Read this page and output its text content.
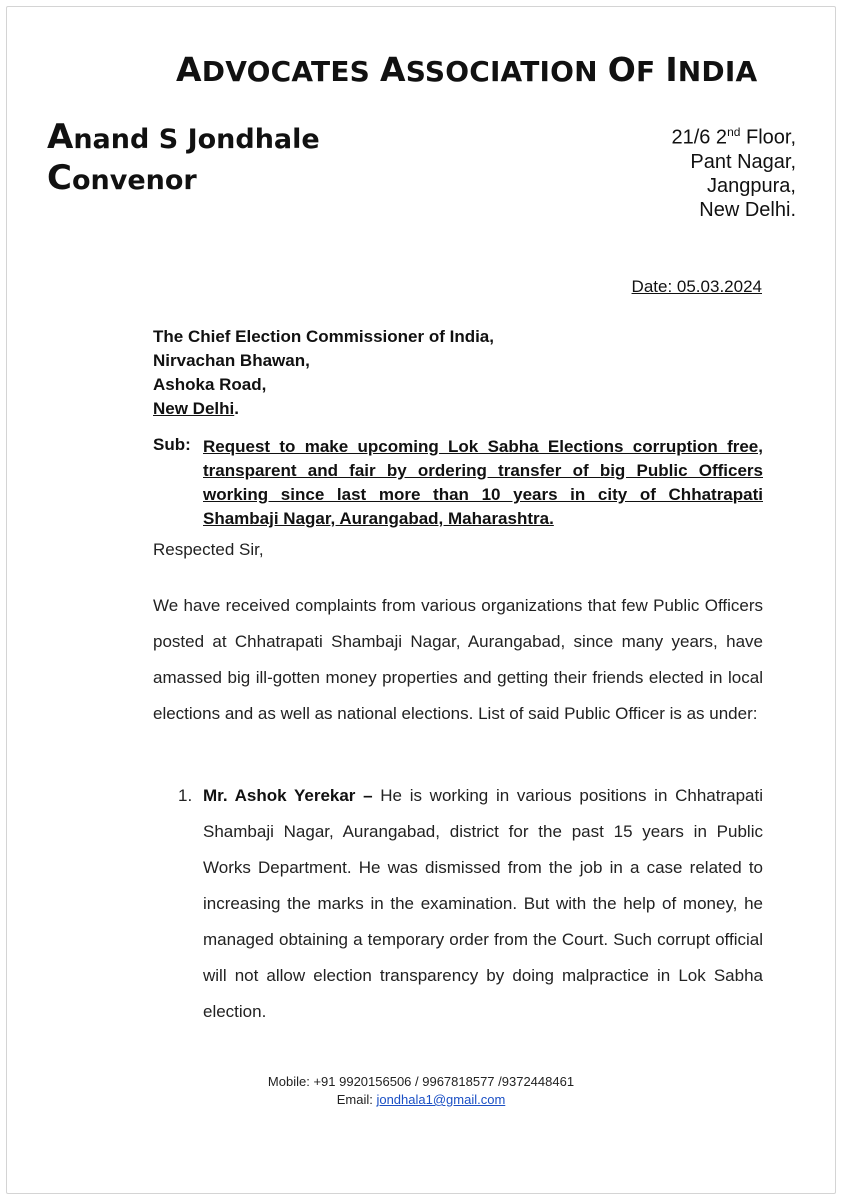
ADVOCATES ASSOCIATION OF INDIA
Anand S Jondhale
Convenor
21/6 2nd Floor,
Pant Nagar,
Jangpura,
New Delhi.
Date: 05.03.2024
The Chief Election Commissioner of India,
Nirvachan Bhawan,
Ashoka Road,
New Delhi.
Sub: Request to make upcoming Lok Sabha Elections corruption free, transparent and fair by ordering transfer of big Public Officers working since last more than 10 years in city of Chhatrapati Shambaji Nagar, Aurangabad, Maharashtra.
Respected Sir,
We have received complaints from various organizations that few Public Officers posted at Chhatrapati Shambaji Nagar, Aurangabad, since many years, have amassed big ill-gotten money properties and getting their friends elected in local elections and as well as national elections. List of said Public Officer is as under:
1. Mr. Ashok Yerekar – He is working in various positions in Chhatrapati Shambaji Nagar, Aurangabad, district for the past 15 years in Public Works Department. He was dismissed from the job in a case related to increasing the marks in the examination. But with the help of money, he managed obtaining a temporary order from the Court. Such corrupt official will not allow election transparency by doing malpractice in Lok Sabha election.
Mobile: +91 9920156506 / 9967818577 /9372448461
Email: jondhala1@gmail.com
